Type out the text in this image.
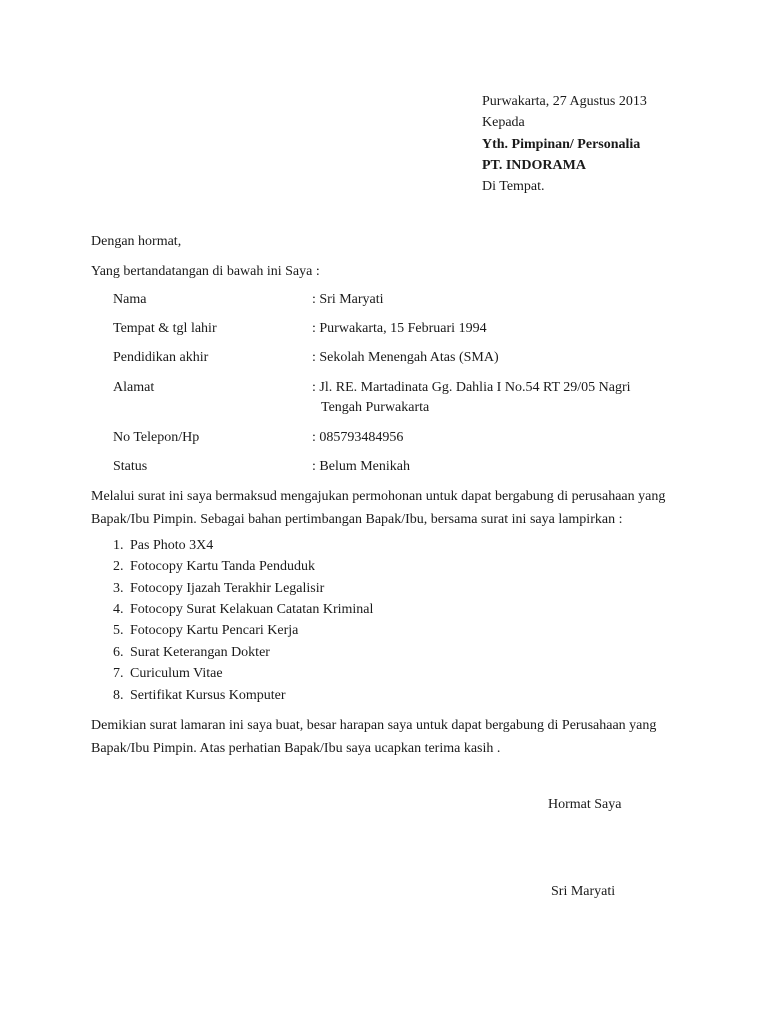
Purwakarta, 27 Agustus 2013
Kepada
Yth. Pimpinan/ Personalia
PT. INDORAMA
Di Tempat.
Dengan hormat,
Yang bertandatangan di bawah ini Saya :
Nama	: Sri Maryati
Tempat & tgl lahir	: Purwakarta, 15 Februari 1994
Pendidikan akhir	: Sekolah Menengah Atas (SMA)
Alamat	: Jl. RE. Martadinata Gg. Dahlia I No.54 RT 29/05 Nagri
Tengah Purwakarta
No Telepon/Hp	: 085793484956
Status	: Belum Menikah
Melalui surat ini saya bermaksud mengajukan permohonan untuk dapat bergabung di perusahaan yang
Bapak/Ibu Pimpin. Sebagai bahan pertimbangan Bapak/Ibu, bersama surat ini saya lampirkan :
1. Pas Photo 3X4
2. Fotocopy Kartu Tanda Penduduk
3. Fotocopy Ijazah Terakhir Legalisir
4. Fotocopy Surat Kelakuan Catatan Kriminal
5. Fotocopy Kartu Pencari Kerja
6. Surat Keterangan Dokter
7. Curiculum Vitae
8. Sertifikat Kursus Komputer
Demikian surat lamaran ini saya buat, besar harapan saya untuk dapat bergabung di Perusahaan yang
Bapak/Ibu Pimpin. Atas perhatian Bapak/Ibu saya ucapkan terima kasih .
Hormat Saya
Sri Maryati
